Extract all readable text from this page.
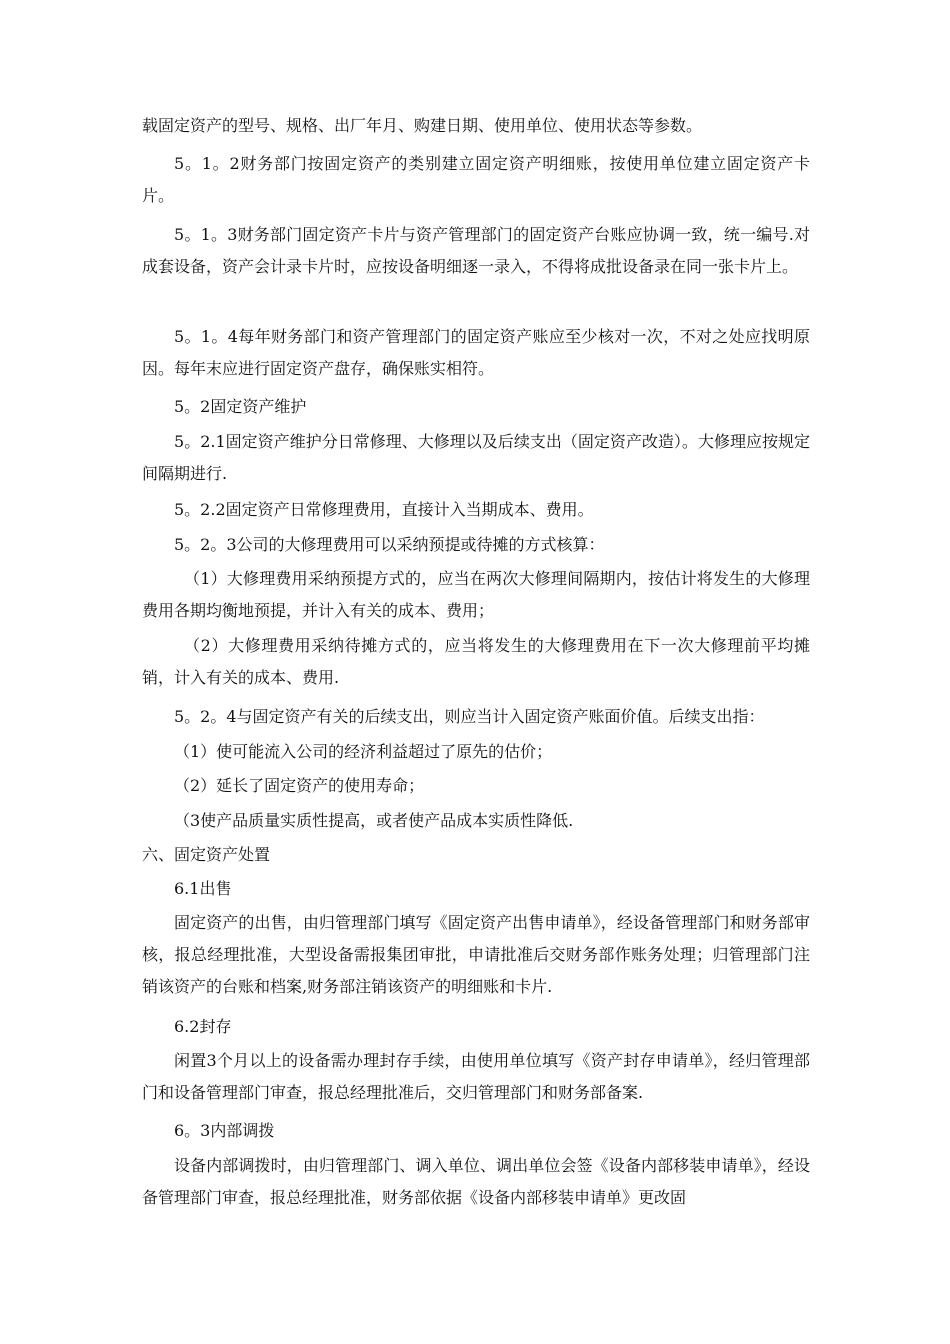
载固定资产的型号、规格、出厂年月、购建日期、使用单位、使用状态等参数。

5。1。2财务部门按固定资产的类别建立固定资产明细账，按使用单位建立固定资产卡片。

5。1。3财务部门固定资产卡片与资产管理部门的固定资产台账应协调一致，统一编号.对成套设备，资产会计录卡片时，应按设备明细逐一录入，不得将成批设备录在同一张卡片上。

5。1。4每年财务部门和资产管理部门的固定资产账应至少核对一次，不对之处应找明原因。每年末应进行固定资产盘存，确保账实相符。

5。2固定资产维护

5。2.1固定资产维护分日常修理、大修理以及后续支出（固定资产改造）。大修理应按规定间隔期进行.

5。2.2固定资产日常修理费用，直接计入当期成本、费用。

5。2。3公司的大修理费用可以采纳预提或待摊的方式核算：

（1）大修理费用采纳预提方式的，应当在两次大修理间隔期内，按估计将发生的大修理费用各期均衡地预提，并计入有关的成本、费用；

（2）大修理费用采纳待摊方式的，应当将发生的大修理费用在下一次大修理前平均摊销，计入有关的成本、费用.

5。2。4与固定资产有关的后续支出，则应当计入固定资产账面价值。后续支出指：

（1）使可能流入公司的经济利益超过了原先的估价；

（2）延长了固定资产的使用寿命；

（3使产品质量实质性提高，或者使产品成本实质性降低.

六、固定资产处置

6.1出售

固定资产的出售，由归管理部门填写《固定资产出售申请单》，经设备管理部门和财务部审核，报总经理批准，大型设备需报集团审批，申请批准后交财务部作账务处理；归管理部门注销该资产的台账和档案,财务部注销该资产的明细账和卡片.

6.2封存

闲置3个月以上的设备需办理封存手续，由使用单位填写《资产封存申请单》，经归管理部门和设备管理部门审查，报总经理批准后，交归管理部门和财务部备案.

6。3内部调拨

设备内部调拨时，由归管理部门、调入单位、调出单位会签《设备内部移装申请单》，经设备管理部门审查，报总经理批准，财务部依据《设备内部移装申请单》更改固
